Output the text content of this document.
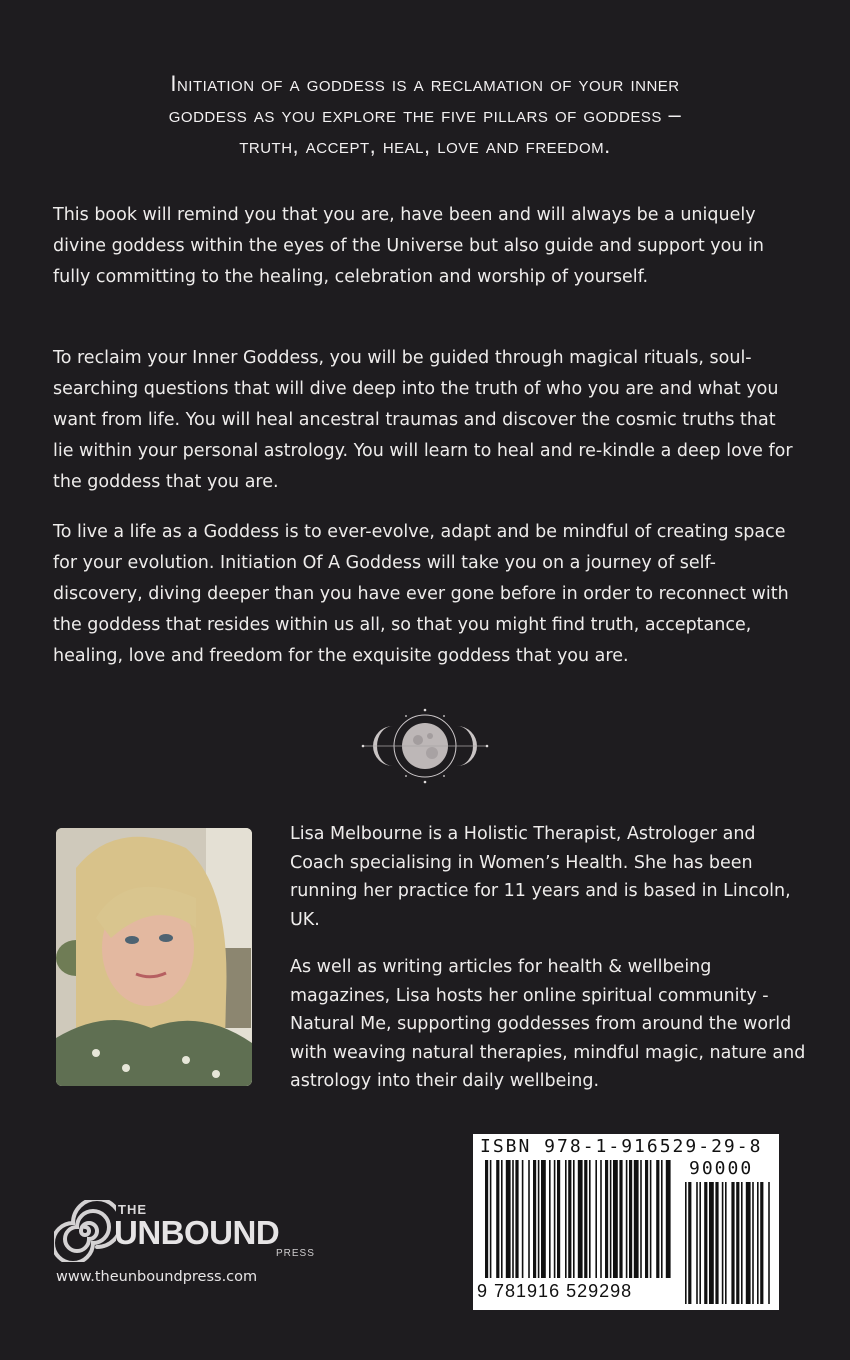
Initiation of a goddess is a reclamation of your inner
goddess as you explore the five pillars of goddess –
truth, accept, heal, love and freedom.

This book will remind you that you are, have been and will always be a uniquely divine goddess within the eyes of the Universe but also guide and support you in fully committing to the healing, celebration and worship of yourself.

To reclaim your Inner Goddess, you will be guided through magical rituals, soul-searching questions that will dive deep into the truth of who you are and what you want from life. You will heal ancestral traumas and discover the cosmic truths that lie within your personal astrology. You will learn to heal and re-kindle a deep love for the goddess that you are.

To live a life as a Goddess is to ever-evolve, adapt and be mindful of creating space for your evolution. Initiation Of A Goddess will take you on a journey of self-discovery, diving deeper than you have ever gone before in order to reconnect with the goddess that resides within us all, so that you might find truth, acceptance, healing, love and freedom for the exquisite goddess that you are.

Lisa Melbourne is a Holistic Therapist, Astrologer and Coach specialising in Women’s Health. She has been running her practice for 11 years and is based in Lincoln, UK.

As well as writing articles for health & wellbeing magazines, Lisa hosts her online spiritual community - Natural Me, supporting goddesses from around the world with weaving natural therapies, mindful magic, nature and astrology into their daily wellbeing.

THE
UNBOUND
PRESS
www.theunboundpress.com
ISBN 978-1-916529-29-8
90000
9 781916 529298
